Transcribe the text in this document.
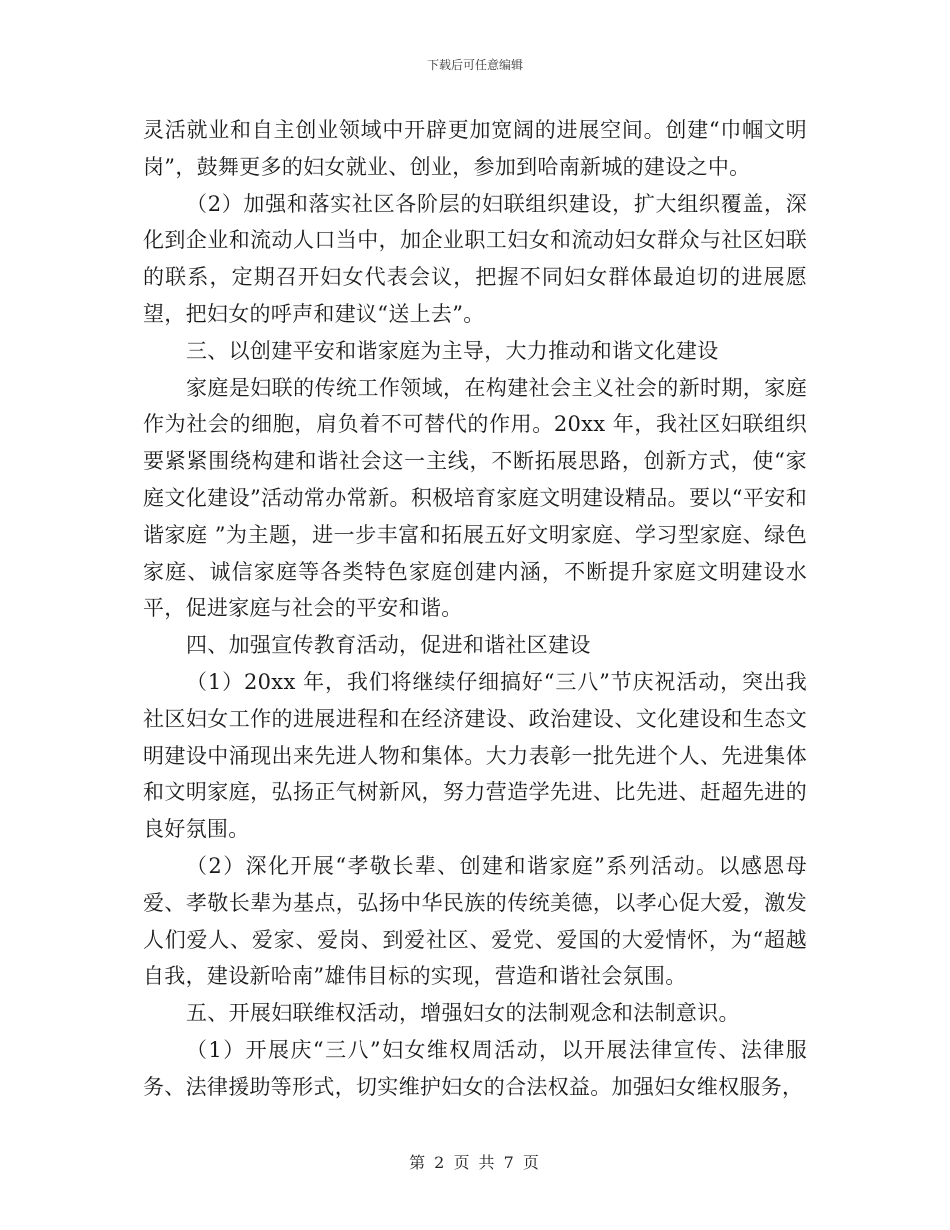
下载后可任意编辑

灵活就业和自主创业领域中开辟更加宽阔的进展空间。创建“巾帼文明岗”，鼓舞更多的妇女就业、创业，参加到哈南新城的建设之中。

（2）加强和落实社区各阶层的妇联组织建设，扩大组织覆盖，深化到企业和流动人口当中，加企业职工妇女和流动妇女群众与社区妇联的联系，定期召开妇女代表会议，把握不同妇女群体最迫切的进展愿望，把妇女的呼声和建议“送上去”。

三、以创建平安和谐家庭为主导，大力推动和谐文化建设

家庭是妇联的传统工作领域，在构建社会主义社会的新时期，家庭作为社会的细胞，肩负着不可替代的作用。20xx 年，我社区妇联组织要紧紧围绕构建和谐社会这一主线，不断拓展思路，创新方式，使“家庭文化建设”活动常办常新。积极培育家庭文明建设精品。要以“平安和谐家庭 ”为主题，进一步丰富和拓展五好文明家庭、学习型家庭、绿色家庭、诚信家庭等各类特色家庭创建内涵，不断提升家庭文明建设水平，促进家庭与社会的平安和谐。

四、加强宣传教育活动，促进和谐社区建设

（1）20xx 年，我们将继续仔细搞好“三八”节庆祝活动，突出我社区妇女工作的进展进程和在经济建设、政治建设、文化建设和生态文明建设中涌现出来先进人物和集体。大力表彰一批先进个人、先进集体和文明家庭，弘扬正气树新风，努力营造学先进、比先进、赶超先进的良好氛围。

（2）深化开展“孝敬长辈、创建和谐家庭”系列活动。以感恩母爱、孝敬长辈为基点，弘扬中华民族的传统美德，以孝心促大爱，激发人们爱人、爱家、爱岗、到爱社区、爱党、爱国的大爱情怀，为“超越自我，建设新哈南”雄伟目标的实现，营造和谐社会氛围。

五、开展妇联维权活动，增强妇女的法制观念和法制意识。

（1）开展庆“三八”妇女维权周活动，以开展法律宣传、法律服务、法律援助等形式，切实维护妇女的合法权益。加强妇女维权服务，

第 2 页 共 7 页
